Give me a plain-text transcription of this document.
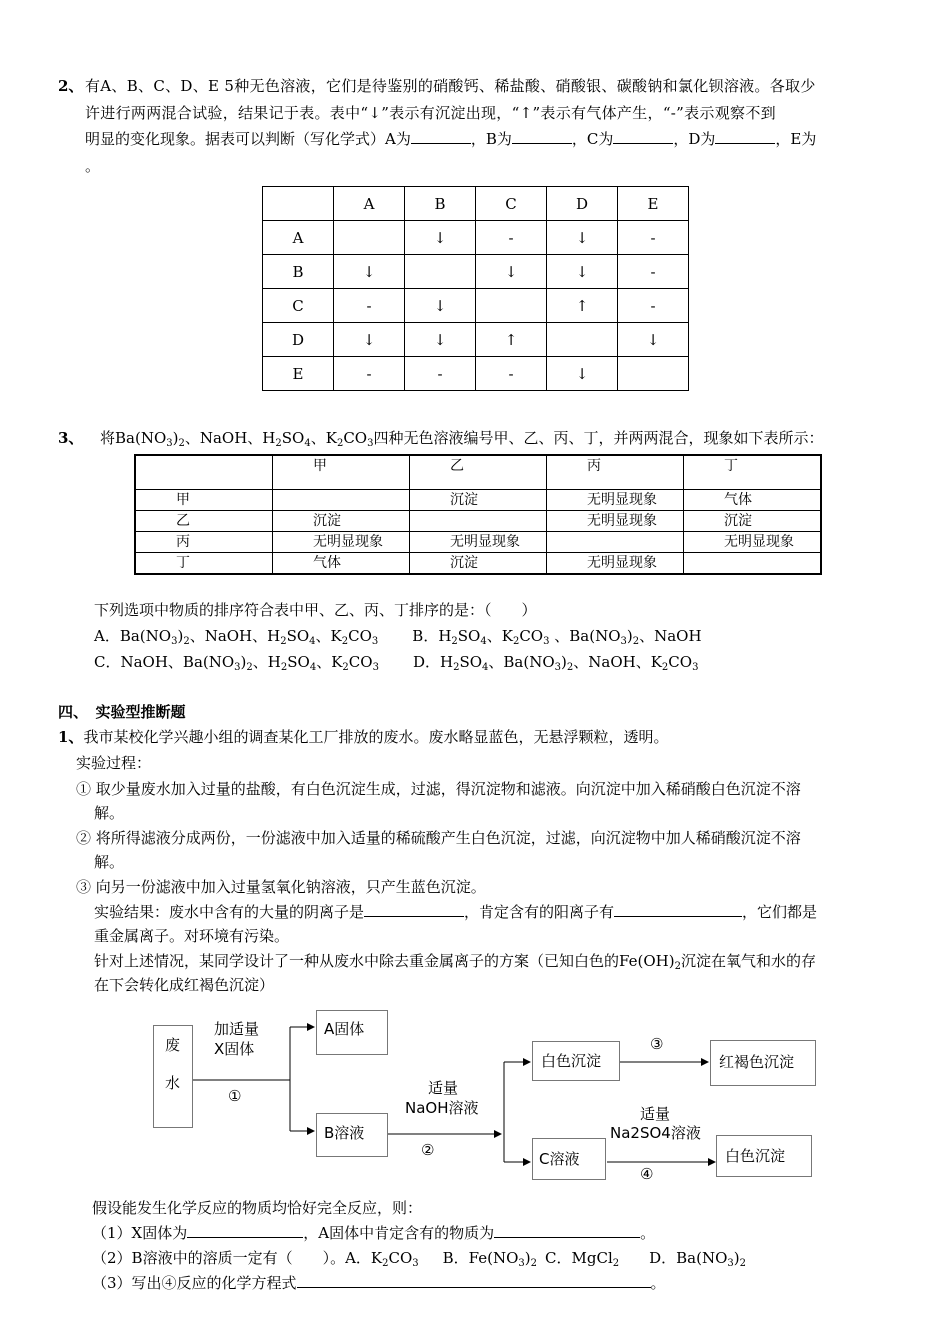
2、 有A、B、C、D、E 5种无色溶液，它们是待鉴别的硝酸钙、稀盐酸、硝酸银、碳酸钠和氯化钡溶液。各取少
许进行两两混合试验，结果记于表。表中“↓”表示有沉淀出现，“↑”表示有气体产生，“-”表示观察不到
明显的变化现象。据表可以判断（写化学式）A为	，B为	，C为	，D为	，E为
。
	A	B	C	D	E
A		↓	-	↓	-
B	↓		↓	↓	-
C	-	↓		↑	-
D	↓	↓	↑		↓
E	-	-	-	↓	
3、 将$Ba(NO_3)_2$、NaOH、$H_2SO_4$、$K_2CO_3$四种无色溶液编号甲、乙、丙、丁，并两两混合，现象如下表所示：
	甲	乙	丙	丁
甲		沉淀	无明显现象	气体
乙	沉淀		无明显现象	沉淀
丙	无明显现象	无明显现象		无明显现象
丁	气体	沉淀	无明显现象	
下列选项中物质的排序符合表中甲、乙、丙、丁排序的是：（　　）
A．$Ba(NO_3)_2$、NaOH、$H_2SO_4$、$K_2CO_3$ B．$H_2SO_4$、$K_2CO_3$ 、$Ba(NO_3)_2$、NaOH
C．NaOH、$Ba(NO_3)_2$、$H_2SO_4$、$K_2CO_3$ D．$H_2SO_4$、$Ba(NO_3)_2$、NaOH、$K_2CO_3$
四、　实验型推断题
1、我市某校化学兴趣小组的调查某化工厂排放的废水。废水略显蓝色，无悬浮颗粒，透明。
实验过程：
① 取少量废水加入过量的盐酸，有白色沉淀生成，过滤，得沉淀物和滤液。向沉淀中加入稀硝酸白色沉淀不溶
解。
② 将所得滤液分成两份，一份滤液中加入适量的稀硫酸产生白色沉淀，过滤，向沉淀物中加人稀硝酸沉淀不溶
解。
③ 向另一份滤液中加入过量氢氧化钠溶液，只产生蓝色沉淀。
实验结果：废水中含有的大量的阴离子是	，肯定含有的阳离子有	，它们都是
重金属离子。对环境有污染。
针对上述情况，某同学设计了一种从废水中除去重金属离子的方案（已知白色的$Fe(OH)_2$沉淀在氧气和水的存
在下会转化成红褐色沉淀）
废
水
加适量
X固体
①
A固体
B溶液
适量
NaOH溶液
②
白色沉淀
③
红褐色沉淀
C溶液
适量
Na2SO4溶液
④
白色沉淀
假设能发生化学反应的物质均恰好完全反应，则：
（1）X固体为	，A固体中肯定含有的物质为	。
（2）B溶液中的溶质一定有（　　）。A．$K_2CO_3$ B．$Fe(NO_3)_2$ C．MgCl$_2$ D．$Ba(NO_3)_2$
（3）写出④反应的化学方程式	。
